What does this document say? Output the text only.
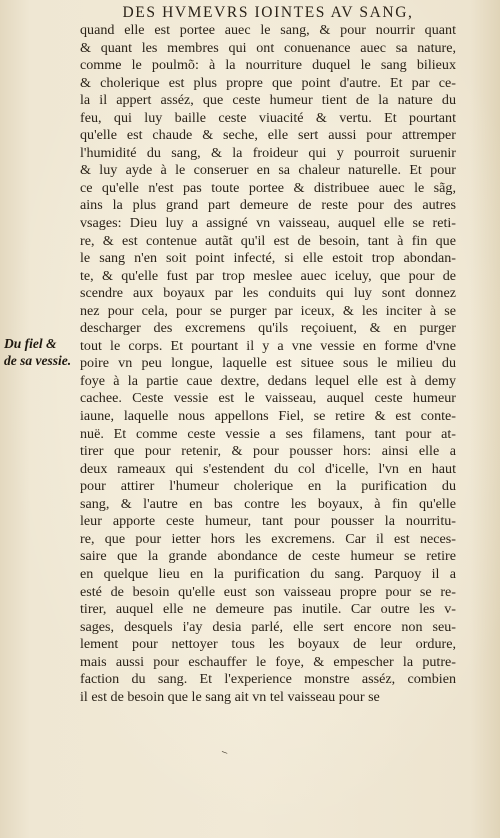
DES HVMEVRS IOINTES AV SANG,
Du fiel &
de sa vessie.
quand elle est portee auec le sang, & pour nourrir quant
& quant les membres qui ont conuenance auec sa nature,
comme le poulmõ: à la nourriture duquel le sang bilieux
& cholerique est plus propre que point d'autre. Et par ce-
la il appert asséz, que ceste humeur tient de la nature du
feu, qui luy baille ceste viuacité & vertu. Et pourtant
qu'elle est chaude & seche, elle sert aussi pour attremper
l'humidité du sang, & la froideur qui y pourroit suruenir
& luy ayde à le conseruer en sa chaleur naturelle. Et pour
ce qu'elle n'est pas toute portee & distribuee auec le sãg,
ains la plus grand part demeure de reste pour des autres
vsages: Dieu luy a assigné vn vaisseau, auquel elle se reti-
re, & est contenue autãt qu'il est de besoin, tant à fin que
le sang n'en soit point infecté, si elle estoit trop abondan-
te, & qu'elle fust par trop meslee auec iceluy, que pour de
scendre aux boyaux par les conduits qui luy sont donnez
nez pour cela, pour se purger par iceux, & les inciter à se
descharger des excremens qu'ils reçoiuent, & en purger
tout le corps. Et pourtant il y a vne vessie en forme d'vne
poire vn peu longue, laquelle est situee sous le milieu du
foye à la partie caue dextre, dedans lequel elle est à demy
cachee. Ceste vessie est le vaisseau, auquel ceste humeur
iaune, laquelle nous appellons Fiel, se retire & est conte-
nuë. Et comme ceste vessie a ses filamens, tant pour at-
tirer que pour retenir, & pour pousser hors: ainsi elle a
deux rameaux qui s'estendent du col d'icelle, l'vn en haut
pour attirer l'humeur cholerique en la purification du
sang, & l'autre en bas contre les boyaux, à fin qu'elle
leur apporte ceste humeur, tant pour pousser la nourritu-
re, que pour ietter hors les excremens. Car il est neces-
saire que la grande abondance de ceste humeur se retire
en quelque lieu en la purification du sang. Parquoy il a
esté de besoin qu'elle eust son vaisseau propre pour se re-
tirer, auquel elle ne demeure pas inutile. Car outre les v-
sages, desquels i'ay desia parlé, elle sert encore non seu-
lement pour nettoyer tous les boyaux de leur ordure,
mais aussi pour eschauffer le foye, & empescher la putre-
faction du sang. Et l'experience monstre asséz, combien
il est de besoin que le sang ait vn tel vaisseau pour se
‒
